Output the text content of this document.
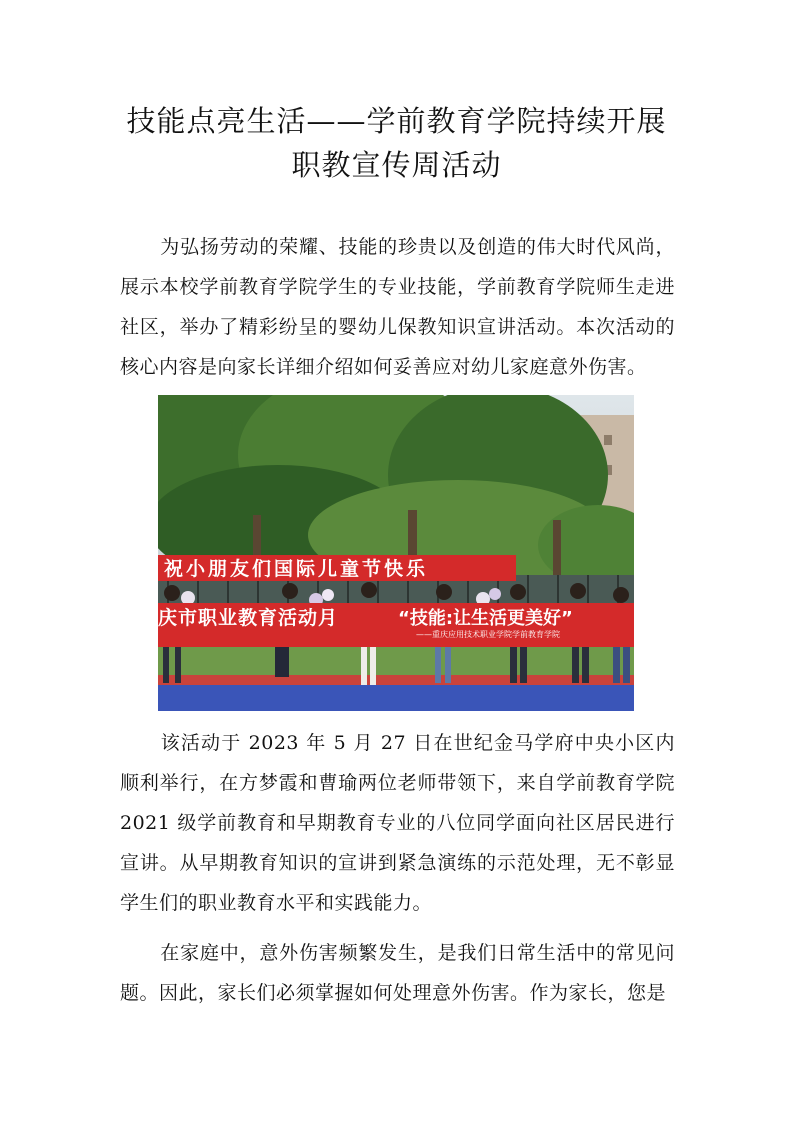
技能点亮生活——学前教育学院持续开展
职教宣传周活动

为弘扬劳动的荣耀、技能的珍贵以及创造的伟大时代风尚，展示本校学前教育学院学生的专业技能，学前教育学院师生走进社区，举办了精彩纷呈的婴幼儿保教知识宣讲活动。本次活动的核心内容是向家长详细介绍如何妥善应对幼儿家庭意外伤害。

祝小朋友们国际儿童节快乐
庆市职业教育活动月	“技能:让生活更美好”
——重庆应用技术职业学院学前教育学院

该活动于 2023 年 5 月 27 日在世纪金马学府中央小区内顺利举行，在方梦霞和曹瑜两位老师带领下，来自学前教育学院 2021 级学前教育和早期教育专业的八位同学面向社区居民进行宣讲。从早期教育知识的宣讲到紧急演练的示范处理，无不彰显学生们的职业教育水平和实践能力。

在家庭中，意外伤害频繁发生，是我们日常生活中的常见问题。因此，家长们必须掌握如何处理意外伤害。作为家长，您是
